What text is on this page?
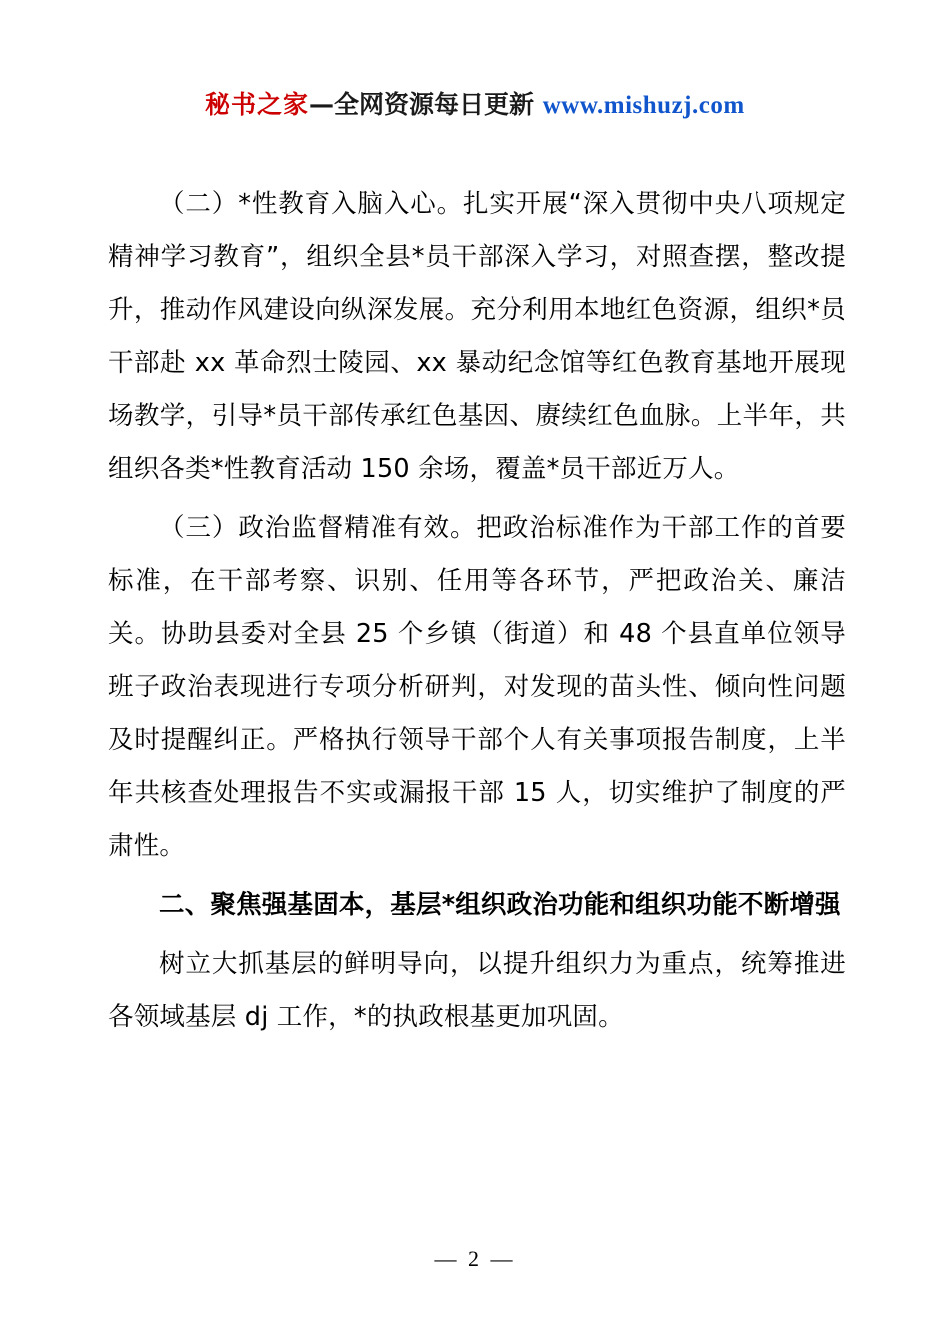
秘书之家—全网资源每日更新 www.mishuzj.com

（二）*性教育入脑入心。扎实开展“深入贯彻中央八项规定精神学习教育”，组织全县*员干部深入学习，对照查摆，整改提升，推动作风建设向纵深发展。充分利用本地红色资源，组织*员干部赴 xx 革命烈士陵园、xx 暴动纪念馆等红色教育基地开展现场教学，引导*员干部传承红色基因、赓续红色血脉。上半年，共组织各类*性教育活动 150 余场，覆盖*员干部近万人。

（三）政治监督精准有效。把政治标准作为干部工作的首要标准，在干部考察、识别、任用等各环节，严把政治关、廉洁关。协助县委对全县 25 个乡镇（街道）和 48 个县直单位领导班子政治表现进行专项分析研判，对发现的苗头性、倾向性问题及时提醒纠正。严格执行领导干部个人有关事项报告制度，上半年共核查处理报告不实或漏报干部 15 人，切实维护了制度的严肃性。

二、聚焦强基固本，基层*组织政治功能和组织功能不断增强

树立大抓基层的鲜明导向，以提升组织力为重点，统筹推进各领域基层 dj 工作，*的执政根基更加巩固。

— 2 —
